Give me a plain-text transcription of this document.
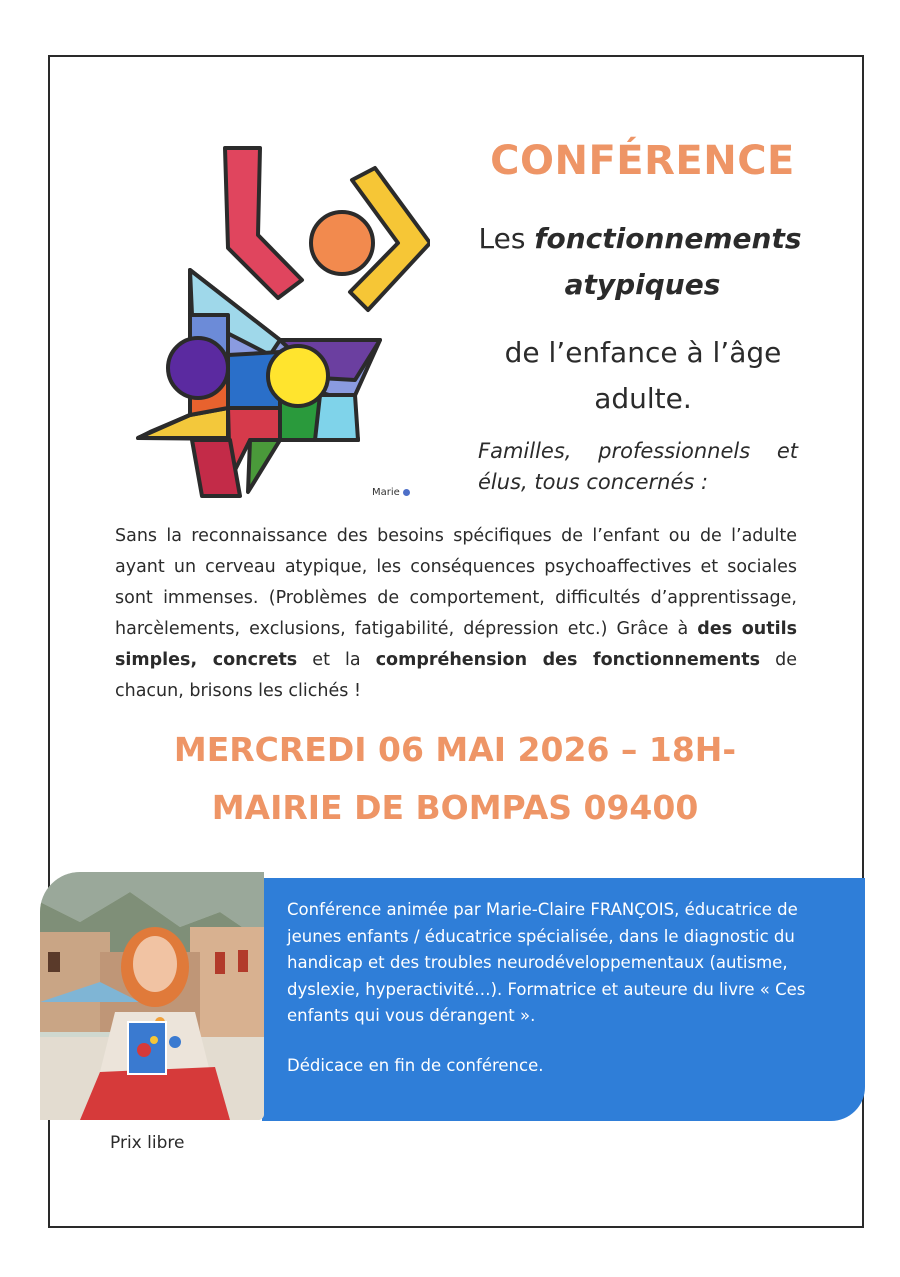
Marie
CONFÉRENCE
Les fonctionnements
atypiques
de l’enfance à l’âge adulte.
Familles, professionnels et élus, tous concernés :
Sans la reconnaissance des besoins spécifiques de l’enfant ou de l’adulte ayant un cerveau atypique, les conséquences psychoaffectives et sociales sont immenses. (Problèmes de comportement, difficultés d’apprentissage, harcèlements, exclusions, fatigabilité, dépression etc.) Grâce à des outils simples, concrets et la compréhension des fonctionnements de chacun, brisons les clichés !
MERCREDI 06 MAI 2026 – 18H-
MAIRIE DE BOMPAS 09400
Conférence animée par Marie-Claire FRANÇOIS, éducatrice de jeunes enfants / éducatrice spécialisée, dans le diagnostic du handicap et des troubles neurodéveloppementaux (autisme, dyslexie, hyperactivité…). Formatrice et auteure du livre « Ces enfants qui vous dérangent ».
Dédicace en fin de conférence.
Prix libre
